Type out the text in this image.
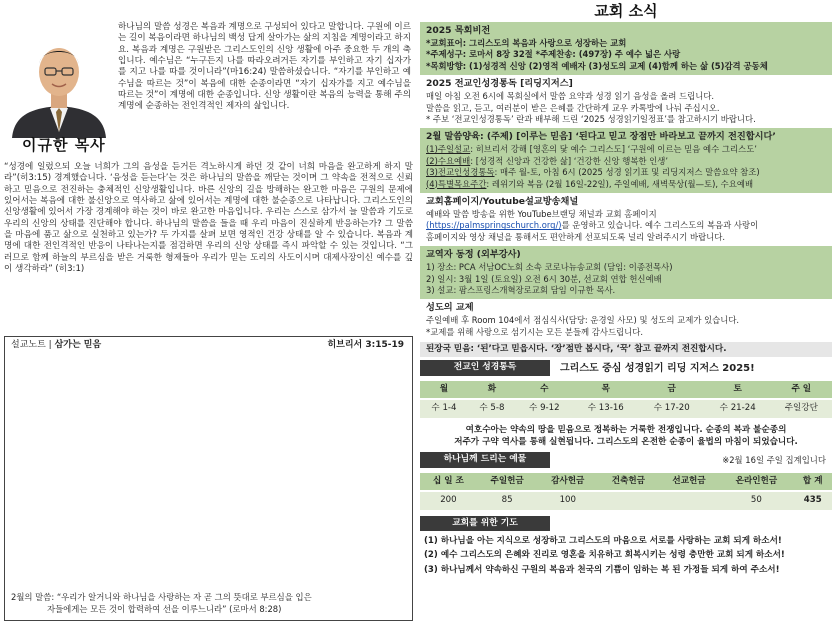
이규한 목사

하나님의 말씀 성경은 복음과 계명으로 구성되어 있다고 말합니다. 구원에 이르는 길이 복음이라면 하나님의 백성 답게 살아가는 삶의 지침을 계명이라고 하지요. 복음과 계명은 구원받은 그리스도인의 신앙 생활에 아주 중요한 두 개의 축입니다. 예수님은 “누구든지 나를 따라오려거든 자기를 부인하고 자기 십자가를 지고 나를 따를 것이니라”(마16:24) 말씀하셨습니다. “자기를 부인하고 예수님을 따르는 것”이 복음에 대한 순종이라면 “자기 십자가를 지고 예수님을 따르는 것”이 계명에 대한 순종입니다. 신앙 생활이란 복음의 능력을 통해 주의 계명에 순종하는 전인격적인 제자의 삶입니다.

“성경에 일렀으되 오늘 너희가 그의 음성을 듣거든 격노하시게 하던 것 같이 너희 마음을 완고하게 하지 말라”(히3:15) 경계했습니다. ‘음성을 듣는다’는 것은 하나님의 말씀을 깨닫는 것이며 그 약속을 전적으로 신뢰하고 믿음으로 전진하는 충체적인 신앙생활입니다. 바른 신앙의 길을 방해하는 완고한 마음은 구원의 문제에 있어서는 복음에 대한 불신앙으로 역사하고 삶에 있어서는 계명에 대한 불순종으로 나타납니다. 그리스도인의 신앙생활에 있어서 가장 경계해야 하는 것이 바로 완고한 마음입니다. 우리는 스스로 삼가서 늘 말씀과 기도로 우리의 신앙의 상태를 진단해야 합니다. 하나님의 말씀을 들을 때 우리 마음이 진실하게 반응하는가? 그 말씀을 마음에 품고 삶으로 실천하고 있는가? 두 가지를 살펴 보면 영적인 건강 상태를 알 수 있습니다. 복음과 계명에 대한 전인격적인 반응이 나타나는지를 점검하면 우리의 신앙 상태를 즉시 파악할 수 있는 것입니다. “그러므로 함께 하늘의 부르심을 받은 거룩한 형제들아 우리가 믿는 도리의 사도이시며 대제사장이신 예수를 깊이 생각하라” (히3:1)

설교노트 | 삼가는 믿음	히브리서 3:15-19
2월의 말씀: “우리가 알거니와 하나님을 사랑하는 자 곧 그의 뜻대로 부르심을 입은
자들에게는 모든 것이 합력하여 선을 이루느니라” (로마서 8:28)
교회 소식
2025 목회비전
*교회표어: 그리스도의 복음과 사랑으로 성장하는 교회
*주제성구: 로마서 8장 32절 *주제찬송: (497장) 주 예수 넓은 사랑
*목회방향: (1)성경적 신앙 (2)영적 예배자 (3)성도의 교제 (4)함께 하는 삶 (5)감격 공동체
2025 전교인성경통독 [리딩지저스]
매일 아침 오전 6시에 목회실에서 말씀 요약과 성경 읽기 음성을 올려 드립니다.
말씀을 읽고, 듣고, 여러분이 받은 은혜를 간단하게 교우 카톡방에 나눠 주십시오.
* 주보 ‘전교인성경통독’ 란과 배부해 드린 ‘2025 성경읽기일정표’를 참고하시기 바랍니다.
2월 말씀양육: (주제) [이루는 믿음] ‘된다고 믿고 장점만 바라보고 끝까지 전진합시다’
(1)주일설교: 히브리서 강해 [영혼의 닻 예수 그리스도] ‘구원에 이르는 믿음 예수 그리스도’
(2)수요예배: [성경적 신앙과 건강한 삶] ‘건강한 신앙 행복한 인생’
(3)전교인성경통독: 매주 월-토, 아침 6시 (2025 성경 읽기표 및 리딩지저스 말씀요약 참조)
(4)특별목요주간: 레위기와 복음 (2월 16일-22일), 주일예배, 새벽묵상(월—토), 수요예배
교회홈페이지/Youtube설교방송채널
예배와 말씀 방송을 위한 YouTube브랜딩 채널과 교회 홈페이지
(https://palmspringschurch.org/)를 운영하고 있습니다. 예수 그리스도의 복음과 사랑이
홈페이지와 영상 채널을 통해서도 편안하게 선포되도록 널리 알려주시기 바랍니다.
교역자 동정 (외부강사)
1) 장소: PCA 서남OC노회 소속 코로나뉴송교회 (담임: 이종전목사)
2) 일시: 3월 1일 (토요일) 오전 6시 30분, 선교회 연합 헌신예배
3) 설교: 팜스프링스개혁장로교회 담임 이규한 목사.
성도의 교제
주일예배 후 Room 104에서 점심식사(담당: 운경일 사모) 및 성도의 교제가 있습니다.
*교제를 위해 사랑으로 섬기시는 모든 분들께 감사드립니다.
된장국 믿음: ‘된’다고 믿읍시다. ‘장’점만 봅시다, ‘꾹’ 참고 끝까지 전진합시다.
전교인 성경통독	그리스도 중심 성경읽기 리딩 지저스 2025!
월	화	수	목	금	토	주 일
수 1-4	수 5-8	수 9-12	수 13-16	수 17-20	수 21-24	주일강단
여호수아는 약속의 땅을 믿음으로 정복하는 거룩한 전쟁입니다. 순종의 복과 불순종의
저주가 구약 역사를 통해 실현됩니다. 그리스도의 온전한 순종이 율법의 마침이 되었습니다.
하나님께 드리는 예물	※2월 16일 주일 집계입니다
십 일 조	주일헌금	감사헌금	건축헌금	선교헌금	온라인헌금	합 계
200	85	100			50	435
교회를 위한 기도
(1) 하나님을 아는 지식으로 성장하고 그리스도의 마음으로 서로를 사랑하는 교회 되게 하소서!
(2) 예수 그리스도의 은혜와 진리로 영혼을 치유하고 회복시키는 성령 충만한 교회 되게 하소서!
(3) 하나님께서 약속하신 구원의 복음과 천국의 기쁨이 임하는 복 된 가정들 되게 하여 주소서!
